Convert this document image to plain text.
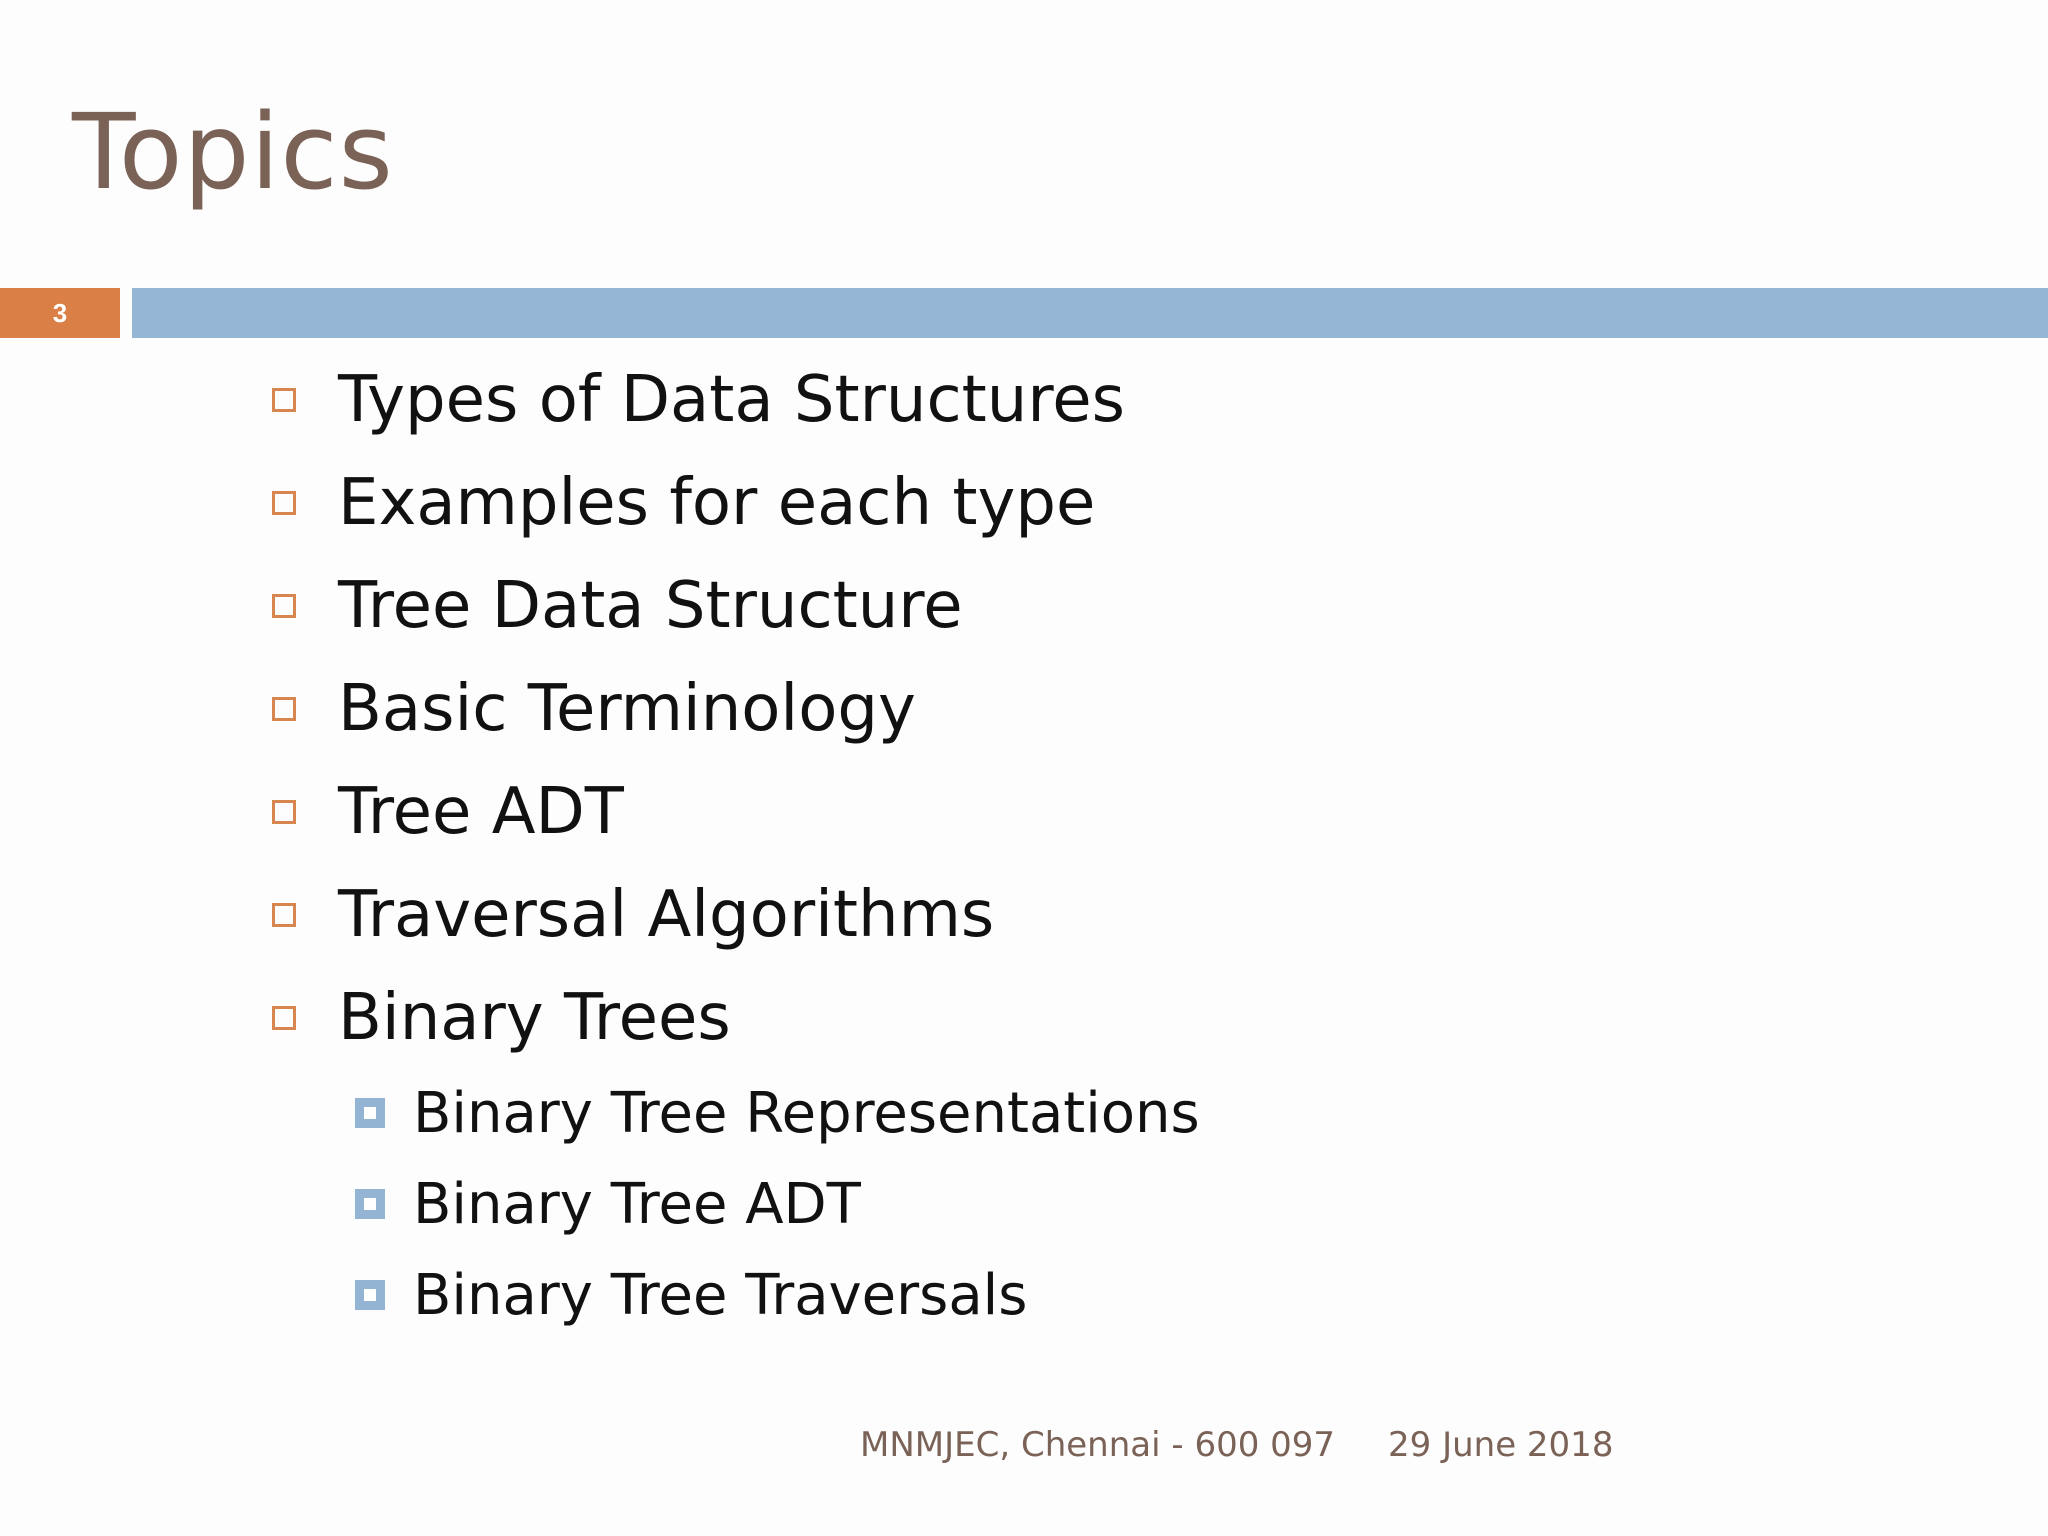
Topics
3
Types of Data Structures
Examples for each type
Tree Data Structure
Basic Terminology
Tree ADT
Traversal Algorithms
Binary Trees
Binary Tree Representations
Binary Tree ADT
Binary Tree Traversals
MNMJEC, Chennai - 600 097 29 June 2018
